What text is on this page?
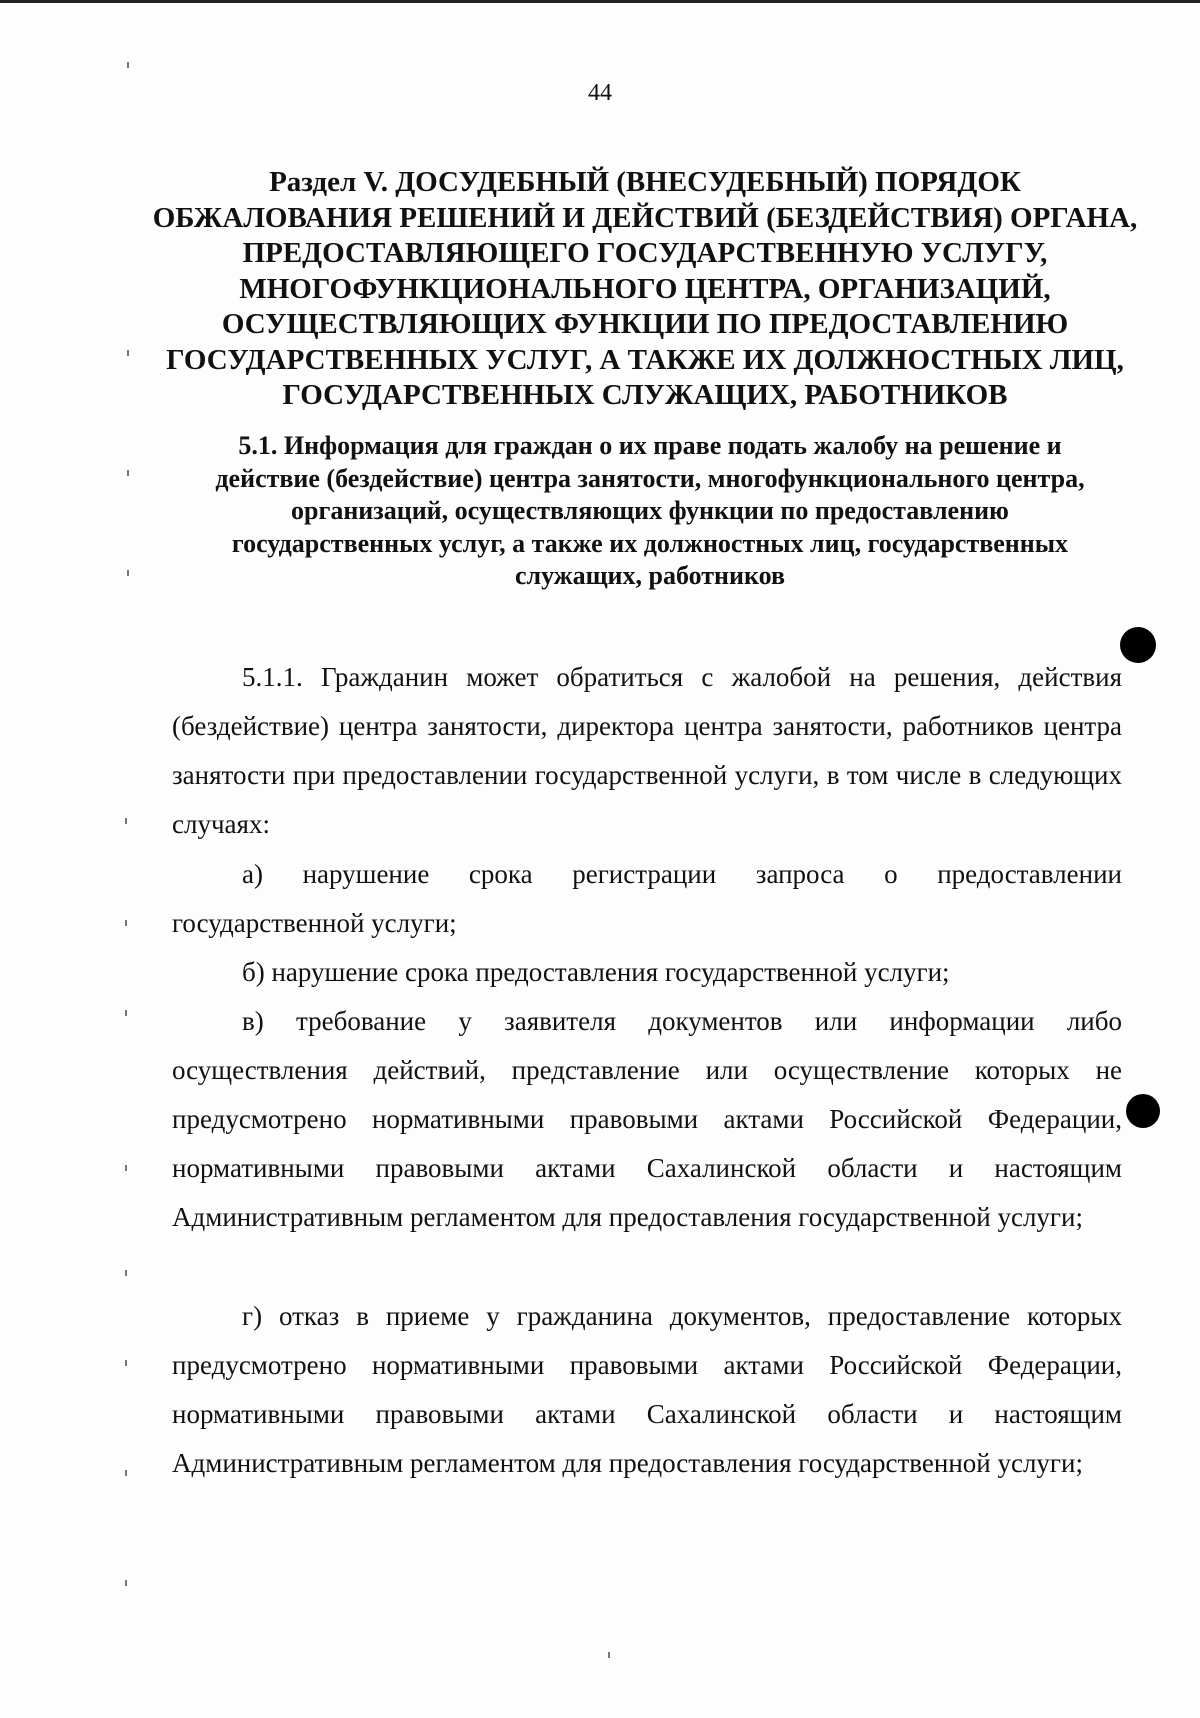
44
Раздел V. ДОСУДЕБНЫЙ (ВНЕСУДЕБНЫЙ) ПОРЯДОК ОБЖАЛОВАНИЯ РЕШЕНИЙ И ДЕЙСТВИЙ (БЕЗДЕЙСТВИЯ) ОРГАНА, ПРЕДОСТАВЛЯЮЩЕГО ГОСУДАРСТВЕННУЮ УСЛУГУ, МНОГОФУНКЦИОНАЛЬНОГО ЦЕНТРА, ОРГАНИЗАЦИЙ, ОСУЩЕСТВЛЯЮЩИХ ФУНКЦИИ ПО ПРЕДОСТАВЛЕНИЮ ГОСУДАРСТВЕННЫХ УСЛУГ, А ТАКЖЕ ИХ ДОЛЖНОСТНЫХ ЛИЦ, ГОСУДАРСТВЕННЫХ СЛУЖАЩИХ, РАБОТНИКОВ
5.1. Информация для граждан о их праве подать жалобу на решение и действие (бездействие) центра занятости, многофункционального центра, организаций, осуществляющих функции по предоставлению государственных услуг, а также их должностных лиц, государственных служащих, работников

5.1.1. Гражданин может обратиться с жалобой на решения, действия (бездействие) центра занятости, директора центра занятости, работников центра занятости при предоставлении государственной услуги, в том числе в следующих случаях:

а) нарушение срока регистрации запроса о предоставлении государственной услуги;

б) нарушение срока предоставления государственной услуги;

в) требование у заявителя документов или информации либо осуществления действий, представление или осуществление которых не предусмотрено нормативными правовыми актами Российской Федерации, нормативными правовыми актами Сахалинской области и настоящим Административным регламентом для предоставления государственной услуги;

г) отказ в приеме у гражданина документов, предоставление которых предусмотрено нормативными правовыми актами Российской Федерации, нормативными правовыми актами Сахалинской области и настоящим Административным регламентом для предоставления государственной услуги;
